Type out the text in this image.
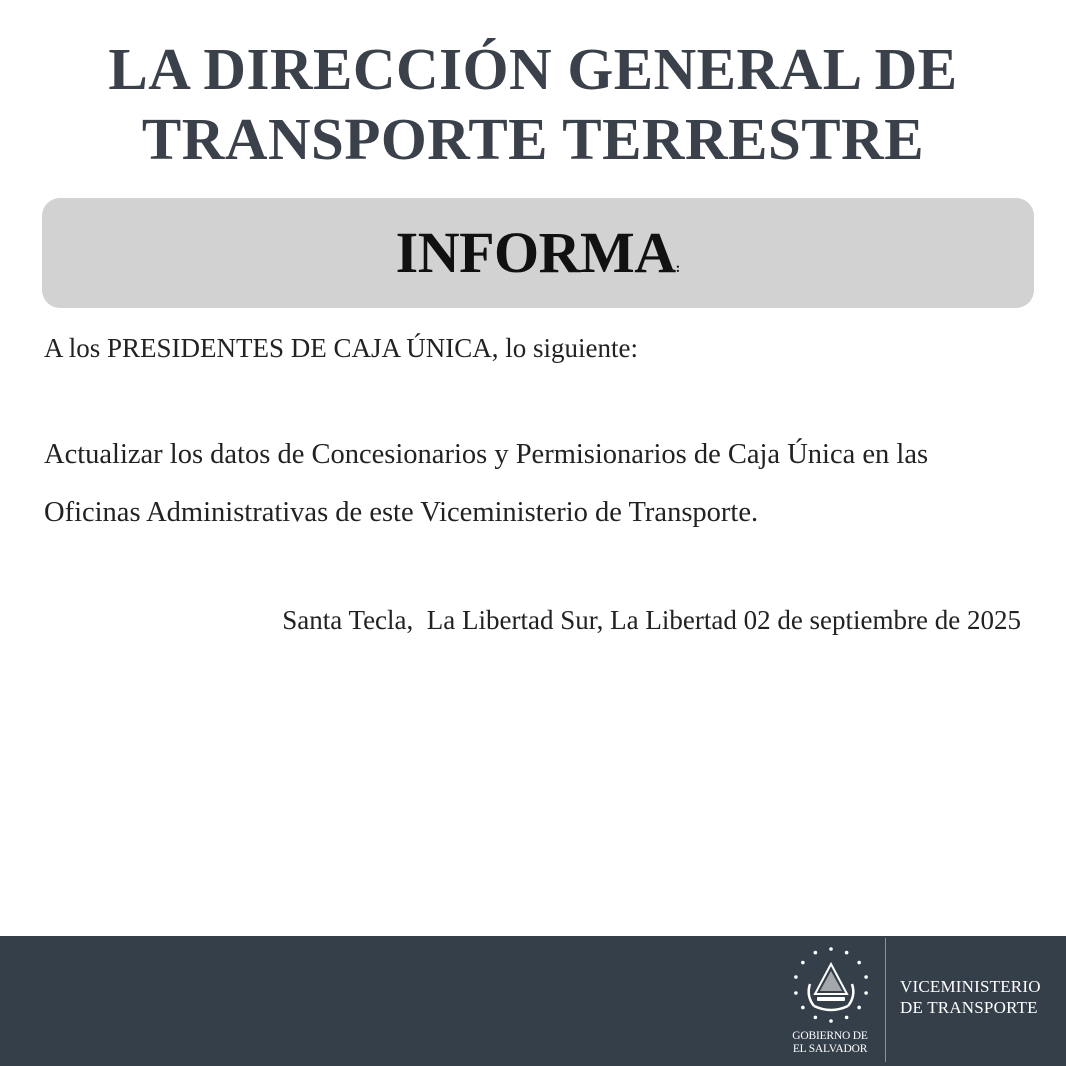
LA DIRECCIÓN GENERAL DE
TRANSPORTE TERRESTRE
INFORMA:
A los PRESIDENTES DE CAJA ÚNICA, lo siguiente:
Actualizar los datos de Concesionarios y Permisionarios de Caja Única en las
Oficinas Administrativas de este Viceministerio de Transporte.
Santa Tecla,  La Libertad Sur, La Libertad 02 de septiembre de 2025
GOBIERNO DE
EL SALVADOR
VICEMINISTERIO
DE TRANSPORTE
